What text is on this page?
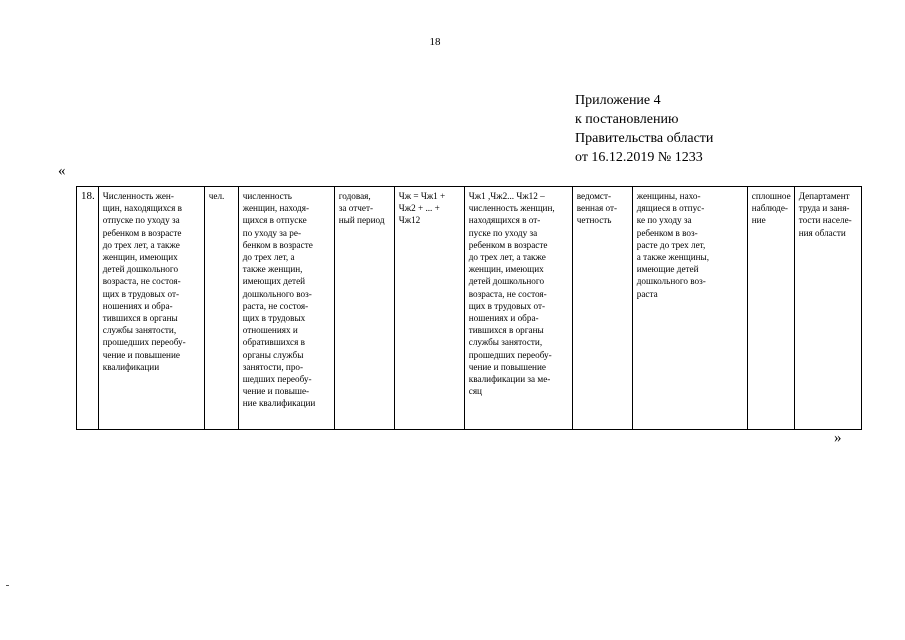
18
Приложение 4
к постановлению
Правительства области
от 16.12.2019 № 1233
«
18.	Численность жен-
щин, находящихся в
отпуске по уходу за
ребенком в возрасте
до трех лет, а также
женщин, имеющих
детей дошкольного
возраста, не состоя-
щих в трудовых от-
ношениях и обра-
тившихся в органы
службы занятости,
прошедших переобу-
чение и повышение
квалификации

чел.	численность
женщин, находя-
щихся в отпуске
по уходу за ре-
бенком в возрасте
до трех лет, а
также женщин,
имеющих детей
дошкольного воз-
раста, не состоя-
щих в трудовых
отношениях и
обратившихся в
органы службы
занятости, про-
шедших переобу-
чение и повыше-
ние квалификации

годовая,
за отчет-
ный период

Чж = Чж1 +
Чж2 + ... +
Чж12

Чж1 ,Чж2... Чж12 –
численность женщин,
находящихся в от-
пуске по уходу за
ребенком в возрасте
до трех лет, а также
женщин, имеющих
детей дошкольного
возраста, не состоя-
щих в трудовых от-
ношениях и обра-
тившихся в органы
службы занятости,
прошедших переобу-
чение и повышение
квалификации за ме-
сяц

ведомст-
венная от-
четность

женщины, нахо-
дящиеся в отпус-
ке по уходу за
ребенком в воз-
расте до трех лет,
а также женщины,
имеющие детей
дошкольного воз-
раста

сплошное
наблюде-
ние

Департамент
труда и заня-
тости населе-
ния области
»
